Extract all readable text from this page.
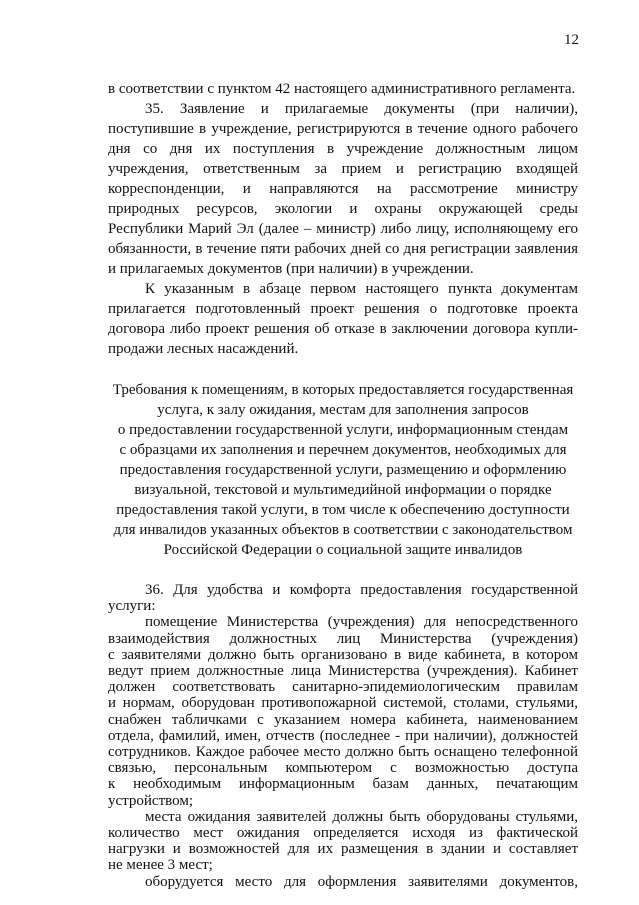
12
в соответствии с пунктом 42 настоящего административного регламента.
35. Заявление и прилагаемые документы (при наличии),
поступившие в учреждение, регистрируются в течение одного рабочего
дня со дня их поступления в учреждение должностным лицом
учреждения, ответственным за прием и регистрацию входящей
корреспонденции, и направляются на рассмотрение министру
природных ресурсов, экологии и охраны окружающей среды
Республики Марий Эл (далее – министр) либо лицу, исполняющему его
обязанности, в течение пяти рабочих дней со дня регистрации заявления
и прилагаемых документов (при наличии) в учреждении.
К указанным в абзаце первом настоящего пункта документам
прилагается подготовленный проект решения о подготовке проекта
договора либо проект решения об отказе в заключении договора купли-
продажи лесных насаждений.
Требования к помещениям, в которых предоставляется государственная
услуга, к залу ожидания, местам для заполнения запросов
о предоставлении государственной услуги, информационным стендам
с образцами их заполнения и перечнем документов, необходимых для
предоставления государственной услуги, размещению и оформлению
визуальной, текстовой и мультимедийной информации о порядке
предоставления такой услуги, в том числе к обеспечению доступности
для инвалидов указанных объектов в соответствии с законодательством
Российской Федерации о социальной защите инвалидов
36. Для удобства и комфорта предоставления государственной
услуги:
помещение Министерства (учреждения) для непосредственного
взаимодействия должностных лиц Министерства (учреждения)
с заявителями должно быть организовано в виде кабинета, в котором
ведут прием должностные лица Министерства (учреждения). Кабинет
должен соответствовать санитарно-эпидемиологическим правилам
и нормам, оборудован противопожарной системой, столами, стульями,
снабжен табличками с указанием номера кабинета, наименованием
отдела, фамилий, имен, отчеств (последнее - при наличии), должностей
сотрудников. Каждое рабочее место должно быть оснащено телефонной
связью, персональным компьютером с возможностью доступа
к необходимым информационным базам данных, печатающим
устройством;
места ожидания заявителей должны быть оборудованы стульями,
количество мест ожидания определяется исходя из фактической
нагрузки и возможностей для их размещения в здании и составляет
не менее 3 мест;
оборудуется место для оформления заявителями документов,
